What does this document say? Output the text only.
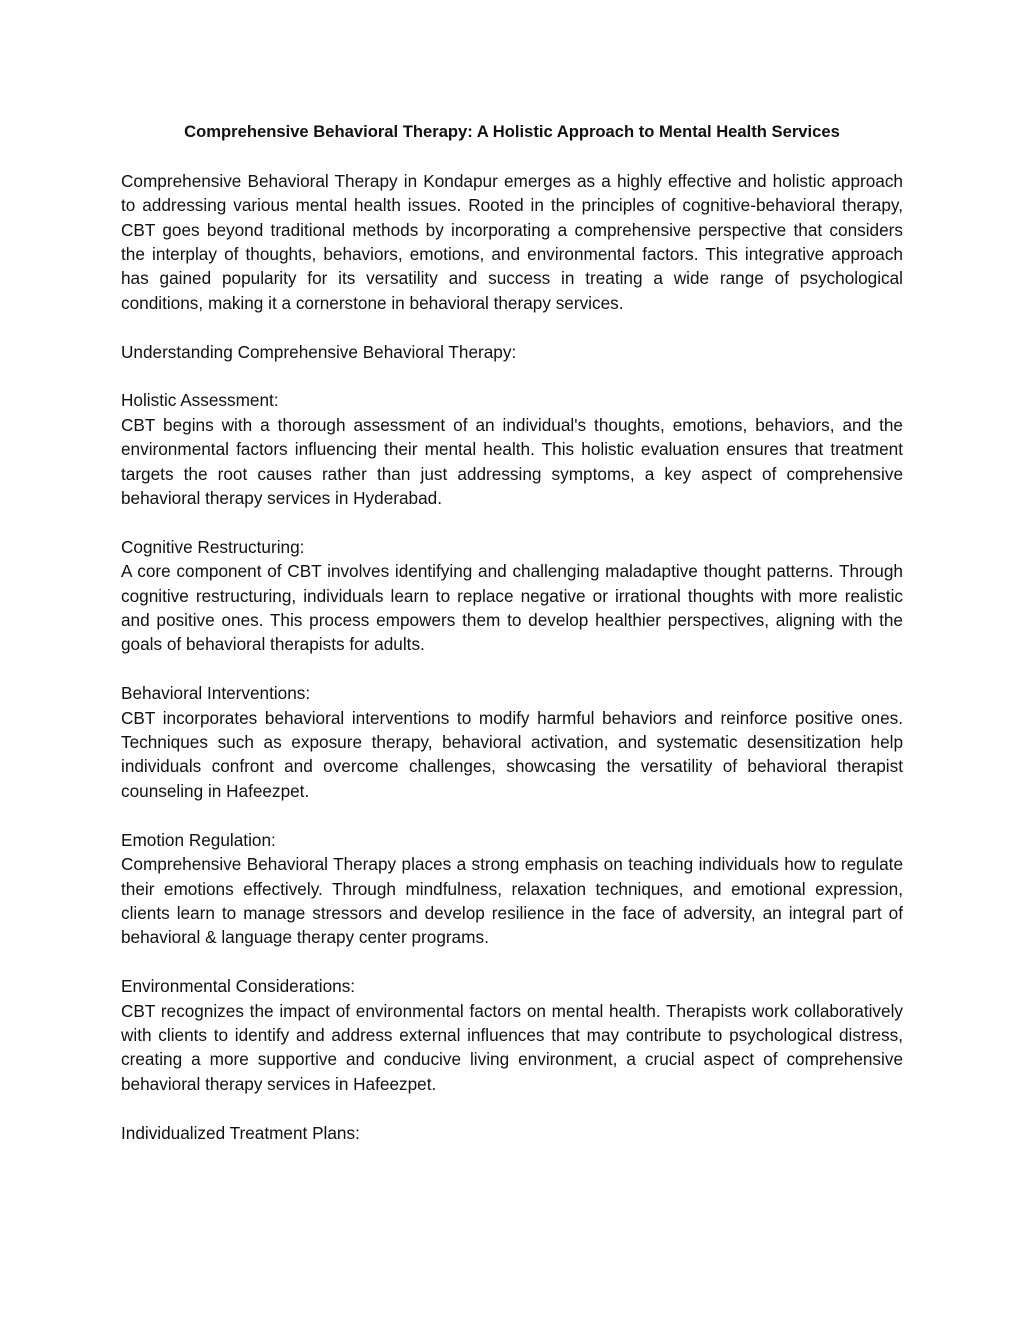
Comprehensive Behavioral Therapy: A Holistic Approach to Mental Health Services

Comprehensive Behavioral Therapy in Kondapur emerges as a highly effective and holistic approach to addressing various mental health issues. Rooted in the principles of cognitive-behavioral therapy, CBT goes beyond traditional methods by incorporating a comprehensive perspective that considers the interplay of thoughts, behaviors, emotions, and environmental factors. This integrative approach has gained popularity for its versatility and success in treating a wide range of psychological conditions, making it a cornerstone in behavioral therapy services.

Understanding Comprehensive Behavioral Therapy:

Holistic Assessment:

CBT begins with a thorough assessment of an individual's thoughts, emotions, behaviors, and the environmental factors influencing their mental health. This holistic evaluation ensures that treatment targets the root causes rather than just addressing symptoms, a key aspect of comprehensive behavioral therapy services in Hyderabad.

Cognitive Restructuring:

A core component of CBT involves identifying and challenging maladaptive thought patterns. Through cognitive restructuring, individuals learn to replace negative or irrational thoughts with more realistic and positive ones. This process empowers them to develop healthier perspectives, aligning with the goals of behavioral therapists for adults.

Behavioral Interventions:

CBT incorporates behavioral interventions to modify harmful behaviors and reinforce positive ones. Techniques such as exposure therapy, behavioral activation, and systematic desensitization help individuals confront and overcome challenges, showcasing the versatility of behavioral therapist counseling in Hafeezpet.

Emotion Regulation:

Comprehensive Behavioral Therapy places a strong emphasis on teaching individuals how to regulate their emotions effectively. Through mindfulness, relaxation techniques, and emotional expression, clients learn to manage stressors and develop resilience in the face of adversity, an integral part of behavioral & language therapy center programs.

Environmental Considerations:

CBT recognizes the impact of environmental factors on mental health. Therapists work collaboratively with clients to identify and address external influences that may contribute to psychological distress, creating a more supportive and conducive living environment, a crucial aspect of comprehensive behavioral therapy services in Hafeezpet.

Individualized Treatment Plans:
